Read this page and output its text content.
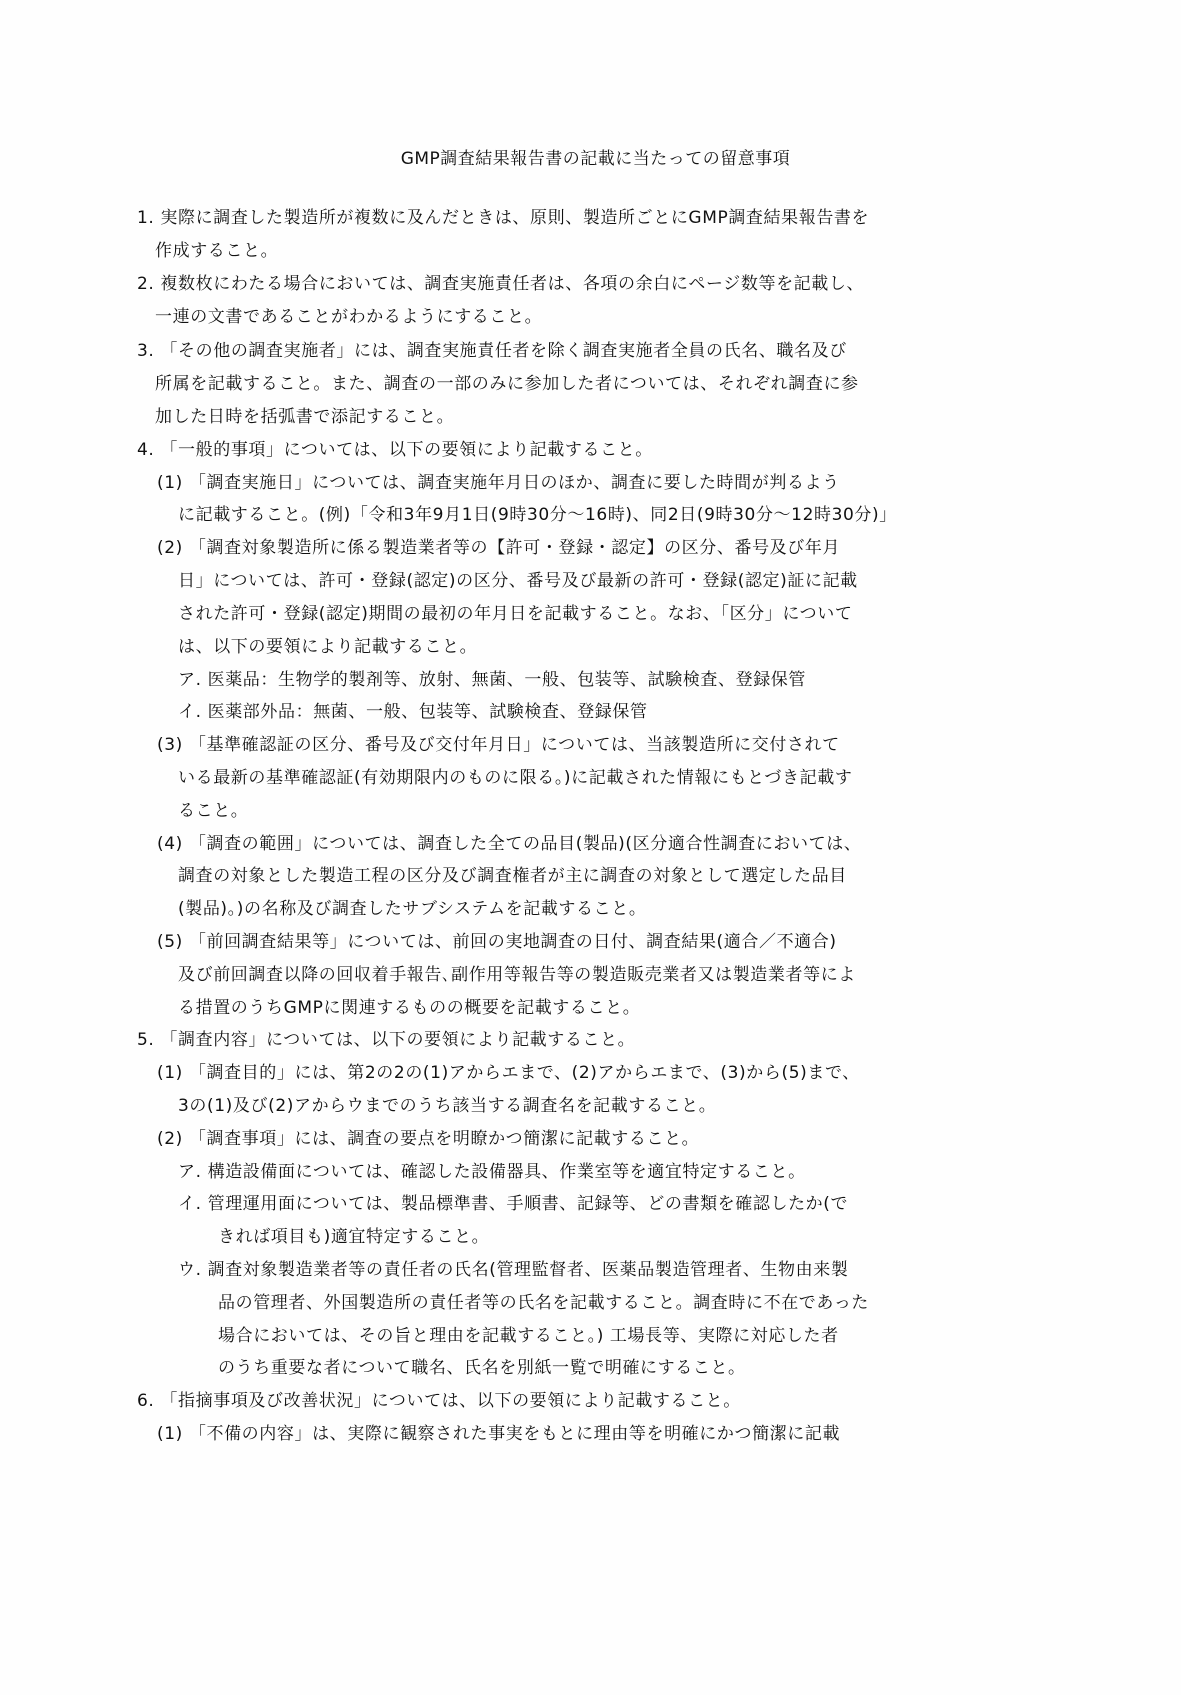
GMP調査結果報告書の記載に当たっての留意事項
1. 実際に調査した製造所が複数に及んだときは、原則、製造所ごとにGMP調査結果報告書を
作成すること。
2. 複数枚にわたる場合においては、調査実施責任者は、各項の余白にページ数等を記載し、
一連の文書であることがわかるようにすること。
3. 「その他の調査実施者」には、調査実施責任者を除く調査実施者全員の氏名、職名及び
所属を記載すること。また、調査の一部のみに参加した者については、それぞれ調査に参
加した日時を括弧書で添記すること。
4. 「一般的事項」については、以下の要領により記載すること。
(1) 「調査実施日」については、調査実施年月日のほか、調査に要した時間が判るよう
に記載すること。(例)「令和3年9月1日(9時30分～16時)、同2日(9時30分～12時30分)」
(2) 「調査対象製造所に係る製造業者等の【許可・登録・認定】の区分、番号及び年月
日」については、許可・登録(認定)の区分、番号及び最新の許可・登録(認定)証に記載
された許可・登録(認定)期間の最初の年月日を記載すること。なお、「区分」について
は、以下の要領により記載すること。
ア. 医薬品：生物学的製剤等、放射、無菌、一般、包装等、試験検査、登録保管
イ. 医薬部外品：無菌、一般、包装等、試験検査、登録保管
(3) 「基準確認証の区分、番号及び交付年月日」については、当該製造所に交付されて
いる最新の基準確認証(有効期限内のものに限る。)に記載された情報にもとづき記載す
ること。
(4) 「調査の範囲」については、調査した全ての品目(製品)(区分適合性調査においては、
調査の対象とした製造工程の区分及び調査権者が主に調査の対象として選定した品目
(製品)。)の名称及び調査したサブシステムを記載すること。
(5) 「前回調査結果等」については、前回の実地調査の日付、調査結果(適合／不適合)
及び前回調査以降の回収着手報告､副作用等報告等の製造販売業者又は製造業者等によ
る措置のうちGMPに関連するものの概要を記載すること。
5. 「調査内容」については、以下の要領により記載すること。
(1) 「調査目的」には、第2の2の(1)アからエまで、(2)アからエまで、(3)から(5)まで、
3の(1)及び(2)アからウまでのうち該当する調査名を記載すること。
(2) 「調査事項」には、調査の要点を明瞭かつ簡潔に記載すること。
ア. 構造設備面については、確認した設備器具、作業室等を適宜特定すること。
イ. 管理運用面については、製品標準書、手順書、記録等、どの書類を確認したか(で
きれば項目も)適宜特定すること。
ウ. 調査対象製造業者等の責任者の氏名(管理監督者、医薬品製造管理者、生物由来製
品の管理者、外国製造所の責任者等の氏名を記載すること。調査時に不在であった
場合においては、その旨と理由を記載すること。) 工場長等、実際に対応した者
のうち重要な者について職名、氏名を別紙一覧で明確にすること。
6. 「指摘事項及び改善状況」については、以下の要領により記載すること。
(1) 「不備の内容」は、実際に観察された事実をもとに理由等を明確にかつ簡潔に記載
